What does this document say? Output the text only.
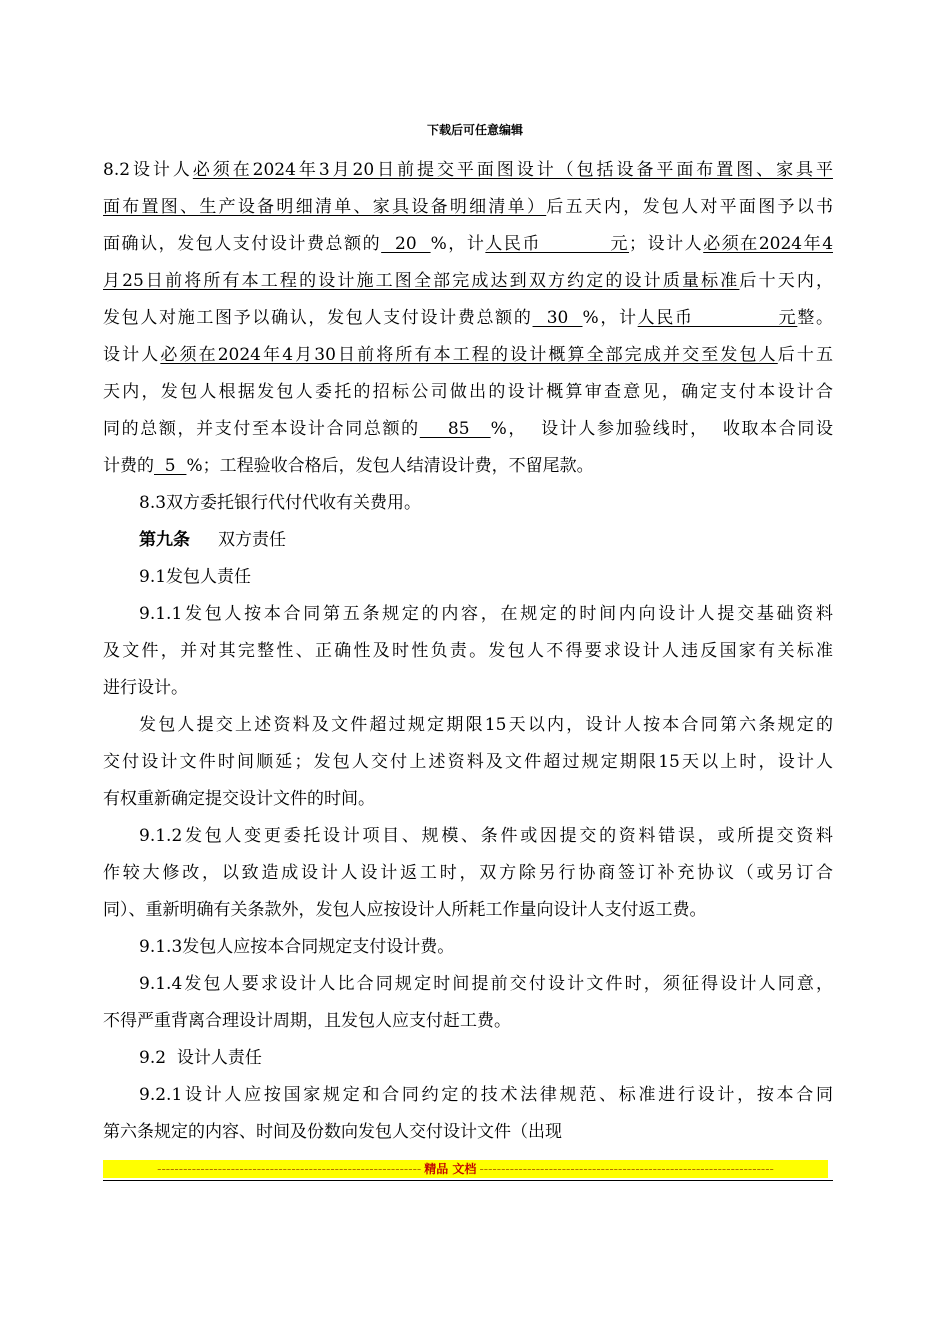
下载后可任意编辑
8.2设计人必须在2024年3月20日前提交平面图设计（包括设备平面布置图、家具平
面布置图、生产设备明细清单、家具设备明细清单）后五天内，发包人对平面图予以书
面确认，发包人支付设计费总额的  20  %，计人民币          元；设计人必须在2024年4
月25日前将所有本工程的设计施工图全部完成达到双方约定的设计质量标准后十天内，
发包人对施工图予以确认，发包人支付设计费总额的  30  %，计人民币            元整。
设计人必须在2024年4月30日前将所有本工程的设计概算全部完成并交至发包人后十五
天内，发包人根据发包人委托的招标公司做出的设计概算审查意见，确定支付本设计合
同的总额，并支付至本设计合同总额的    85   %，  设计人参加验线时，  收取本合同设
计费的  5  %；工程验收合格后，发包人结清设计费，不留尾款。
8.3双方委托银行代付代收有关费用。
第九条 双方责任
9.1发包人责任
9.1.1发包人按本合同第五条规定的内容，在规定的时间内向设计人提交基础资料
及文件，并对其完整性、正确性及时性负责。发包人不得要求设计人违反国家有关标准
进行设计。
发包人提交上述资料及文件超过规定期限15天以内，设计人按本合同第六条规定的
交付设计文件时间顺延；发包人交付上述资料及文件超过规定期限15天以上时，设计人
有权重新确定提交设计文件的时间。
9.1.2发包人变更委托设计项目、规模、条件或因提交的资料错误，或所提交资料
作较大修改，以致造成设计人设计返工时，双方除另行协商签订补充协议（或另订合
同）、重新明确有关条款外，发包人应按设计人所耗工作量向设计人支付返工费。
9.1.3发包人应按本合同规定支付设计费。
9.1.4发包人要求设计人比合同规定时间提前交付设计文件时，须征得设计人同意，
不得严重背离合理设计周期，且发包人应支付赶工费。
9.2  设计人责任
9.2.1设计人应按国家规定和合同约定的技术法律规范、标准进行设计，按本合同
第六条规定的内容、时间及份数向发包人交付设计文件（出现
------------------------------------------------------------- 精品 文档 --------------------------------------------------------------------
